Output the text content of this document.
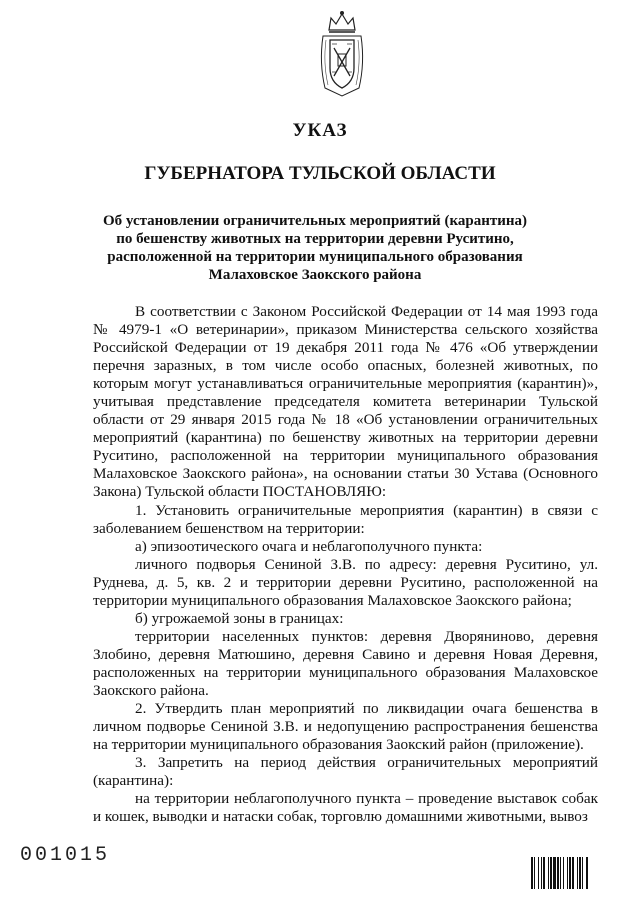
УКАЗ
ГУБЕРНАТОРА ТУЛЬСКОЙ ОБЛАСТИ
Об установлении ограничительных мероприятий (карантина)
по бешенству животных на территории деревни Руситино,
расположенной на территории муниципального образования
Малаховское Заокского района

В соответствии с Законом Российской Федерации от 14 мая 1993 года № 4979-1 «О ветеринарии», приказом Министерства сельского хозяйства Российской Федерации от 19 декабря 2011 года № 476 «Об утверждении перечня заразных, в том числе особо опасных, болезней животных, по которым могут устанавливаться ограничительные мероприятия (карантин)», учитывая представление председателя комитета ветеринарии Тульской области от 29 января 2015 года № 18 «Об установлении ограничительных мероприятий (карантина) по бешенству животных на территории деревни Руситино, расположенной на территории муниципального образования Малаховское Заокского района», на основании статьи 30 Устава (Основного Закона) Тульской области ПОСТАНОВЛЯЮ:

1. Установить ограничительные мероприятия (карантин) в связи с заболеванием бешенством на территории:

а) эпизоотического очага и неблагополучного пункта:

личного подворья Сениной З.В. по адресу: деревня Руситино, ул. Руднева, д. 5, кв. 2 и территории деревни Руситино, расположенной на территории муниципального образования Малаховское Заокского района;

б) угрожаемой зоны в границах:

территории населенных пунктов: деревня Дворяниново, деревня Злобино, деревня Матюшино, деревня Савино и деревня Новая Деревня, расположенных на территории муниципального образования Малаховское Заокского района.

2. Утвердить план мероприятий по ликвидации очага бешенства в личном подворье Сениной З.В. и недопущению распространения бешенства на территории муниципального образования Заокский район (приложение).

3. Запретить на период действия ограничительных мероприятий (карантина):

на территории неблагополучного пункта – проведение выставок собак и кошек, выводки и натаски собак, торговлю домашними животными, вывоз

001015
